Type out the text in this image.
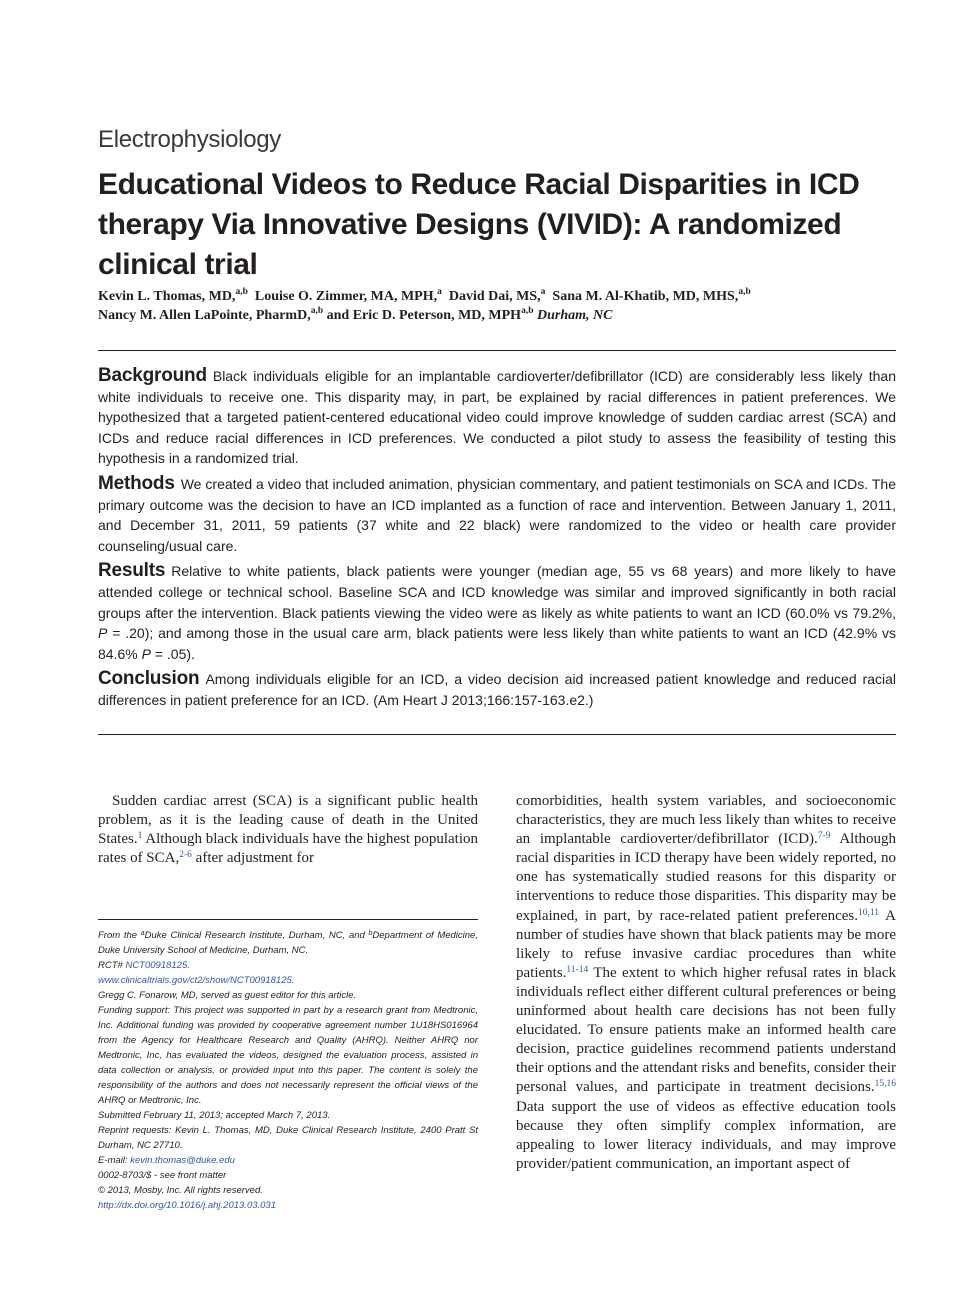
Electrophysiology
Educational Videos to Reduce Racial Disparities in ICD therapy Via Innovative Designs (VIVID): A randomized clinical trial
Kevin L. Thomas, MD,$^{a,b}$ Louise O. Zimmer, MA, MPH,$^a$ David Dai, MS,$^a$ Sana M. Al-Khatib, MD, MHS,$^{a,b}$
Nancy M. Allen LaPointe, PharmD,$^{a,b}$ and Eric D. Peterson, MD, MPH$^{a,b}$ Durham, NC

Background Black individuals eligible for an implantable cardioverter/defibrillator (ICD) are considerably less likely than white individuals to receive one. This disparity may, in part, be explained by racial differences in patient preferences. We hypothesized that a targeted patient-centered educational video could improve knowledge of sudden cardiac arrest (SCA) and ICDs and reduce racial differences in ICD preferences. We conducted a pilot study to assess the feasibility of testing this hypothesis in a randomized trial.

Methods We created a video that included animation, physician commentary, and patient testimonials on SCA and ICDs. The primary outcome was the decision to have an ICD implanted as a function of race and intervention. Between January 1, 2011, and December 31, 2011, 59 patients (37 white and 22 black) were randomized to the video or health care provider counseling/usual care.

Results Relative to white patients, black patients were younger (median age, 55 vs 68 years) and more likely to have attended college or technical school. Baseline SCA and ICD knowledge was similar and improved significantly in both racial groups after the intervention. Black patients viewing the video were as likely as white patients to want an ICD (60.0% vs 79.2%, P = .20); and among those in the usual care arm, black patients were less likely than white patients to want an ICD (42.9% vs 84.6% P = .05).

Conclusion Among individuals eligible for an ICD, a video decision aid increased patient knowledge and reduced racial differences in patient preference for an ICD. (Am Heart J 2013;166:157-163.e2.)

Sudden cardiac arrest (SCA) is a significant public health problem, as it is the leading cause of death in the United States.$^1$ Although black individuals have the highest population rates of SCA,$^{2-6}$ after adjustment for

From the $^a$Duke Clinical Research Institute, Durham, NC, and $^b$Department of Medicine, Duke University School of Medicine, Durham, NC.

RCT# NCT00918125.

www.clinicaltrials.gov/ct2/show/NCT00918125.

Gregg C. Fonarow, MD, served as guest editor for this article.

Funding support: This project was supported in part by a research grant from Medtronic, Inc. Additional funding was provided by cooperative agreement number 1U18HS016964 from the Agency for Healthcare Research and Quality (AHRQ). Neither AHRQ nor Medtronic, Inc, has evaluated the videos, designed the evaluation process, assisted in data collection or analysis, or provided input into this paper. The content is solely the responsibility of the authors and does not necessarily represent the official views of the AHRQ or Medtronic, Inc.

Submitted February 11, 2013; accepted March 7, 2013.

Reprint requests: Kevin L. Thomas, MD, Duke Clinical Research Institute, 2400 Pratt St Durham, NC 27710.

E-mail: kevin.thomas@duke.edu

0002-8703/$ - see front matter

© 2013, Mosby, Inc. All rights reserved.

http://dx.doi.org/10.1016/j.ahj.2013.03.031

comorbidities, health system variables, and socioeconomic characteristics, they are much less likely than whites to receive an implantable cardioverter/defibrillator (ICD).$^{7-9}$ Although racial disparities in ICD therapy have been widely reported, no one has systematically studied reasons for this disparity or interventions to reduce those disparities. This disparity may be explained, in part, by race-related patient preferences.$^{10,11}$ A number of studies have shown that black patients may be more likely to refuse invasive cardiac procedures than white patients.$^{11-14}$ The extent to which higher refusal rates in black individuals reflect either different cultural preferences or being uninformed about health care decisions has not been fully elucidated. To ensure patients make an informed health care decision, practice guidelines recommend patients understand their options and the attendant risks and benefits, consider their personal values, and participate in treatment decisions.$^{15,16}$ Data support the use of videos as effective education tools because they often simplify complex information, are appealing to lower literacy individuals, and may improve provider/patient communication, an important aspect of
